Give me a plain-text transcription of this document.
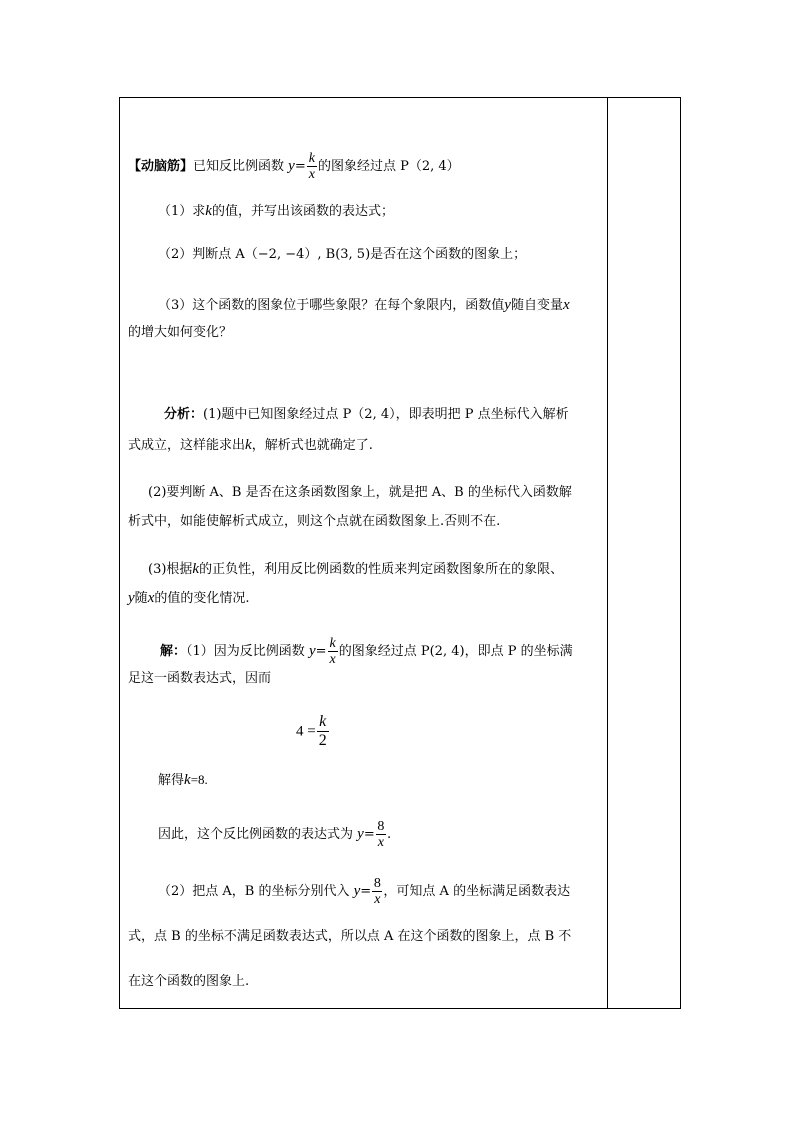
【动脑筋】已知反比例函数 $y= \frac{k}{x}$ 的图象经过点 P（2, 4）
（1）求k的值，并写出该函数的表达式；
（2）判断点 A（−2, −4）, B(3, 5)是否在这个函数的图象上；
（3）这个函数的图象位于哪些象限？在每个象限内，函数值y随自变量x
的增大如何变化？
分析：(1)题中已知图象经过点 P（2, 4），即表明把 P 点坐标代入解析
式成立，这样能求出k，解析式也就确定了.
(2)要判断 A、B 是否在这条函数图象上，就是把 A、B 的坐标代入函数解
析式中，如能使解析式成立，则这个点就在函数图象上.否则不在.
(3)根据k的正负性，利用反比例函数的性质来判定函数图象所在的象限、
y随x的值的变化情况.
解：（1）因为反比例函数 $y= \frac{k}{x}$ 的图象经过点 P(2, 4)，即点 P 的坐标满
足这一函数表达式，因而
$4 = \frac{k}{2}$
解得k=8.
因此，这个反比例函数的表达式为 $y= \frac{8}{x}$ .
（2）把点 A，B 的坐标分别代入 $y= \frac{8}{x}$ ，可知点 A 的坐标满足函数表达
式，点 B 的坐标不满足函数表达式，所以点 A 在这个函数的图象上，点 B 不
在这个函数的图象上.
